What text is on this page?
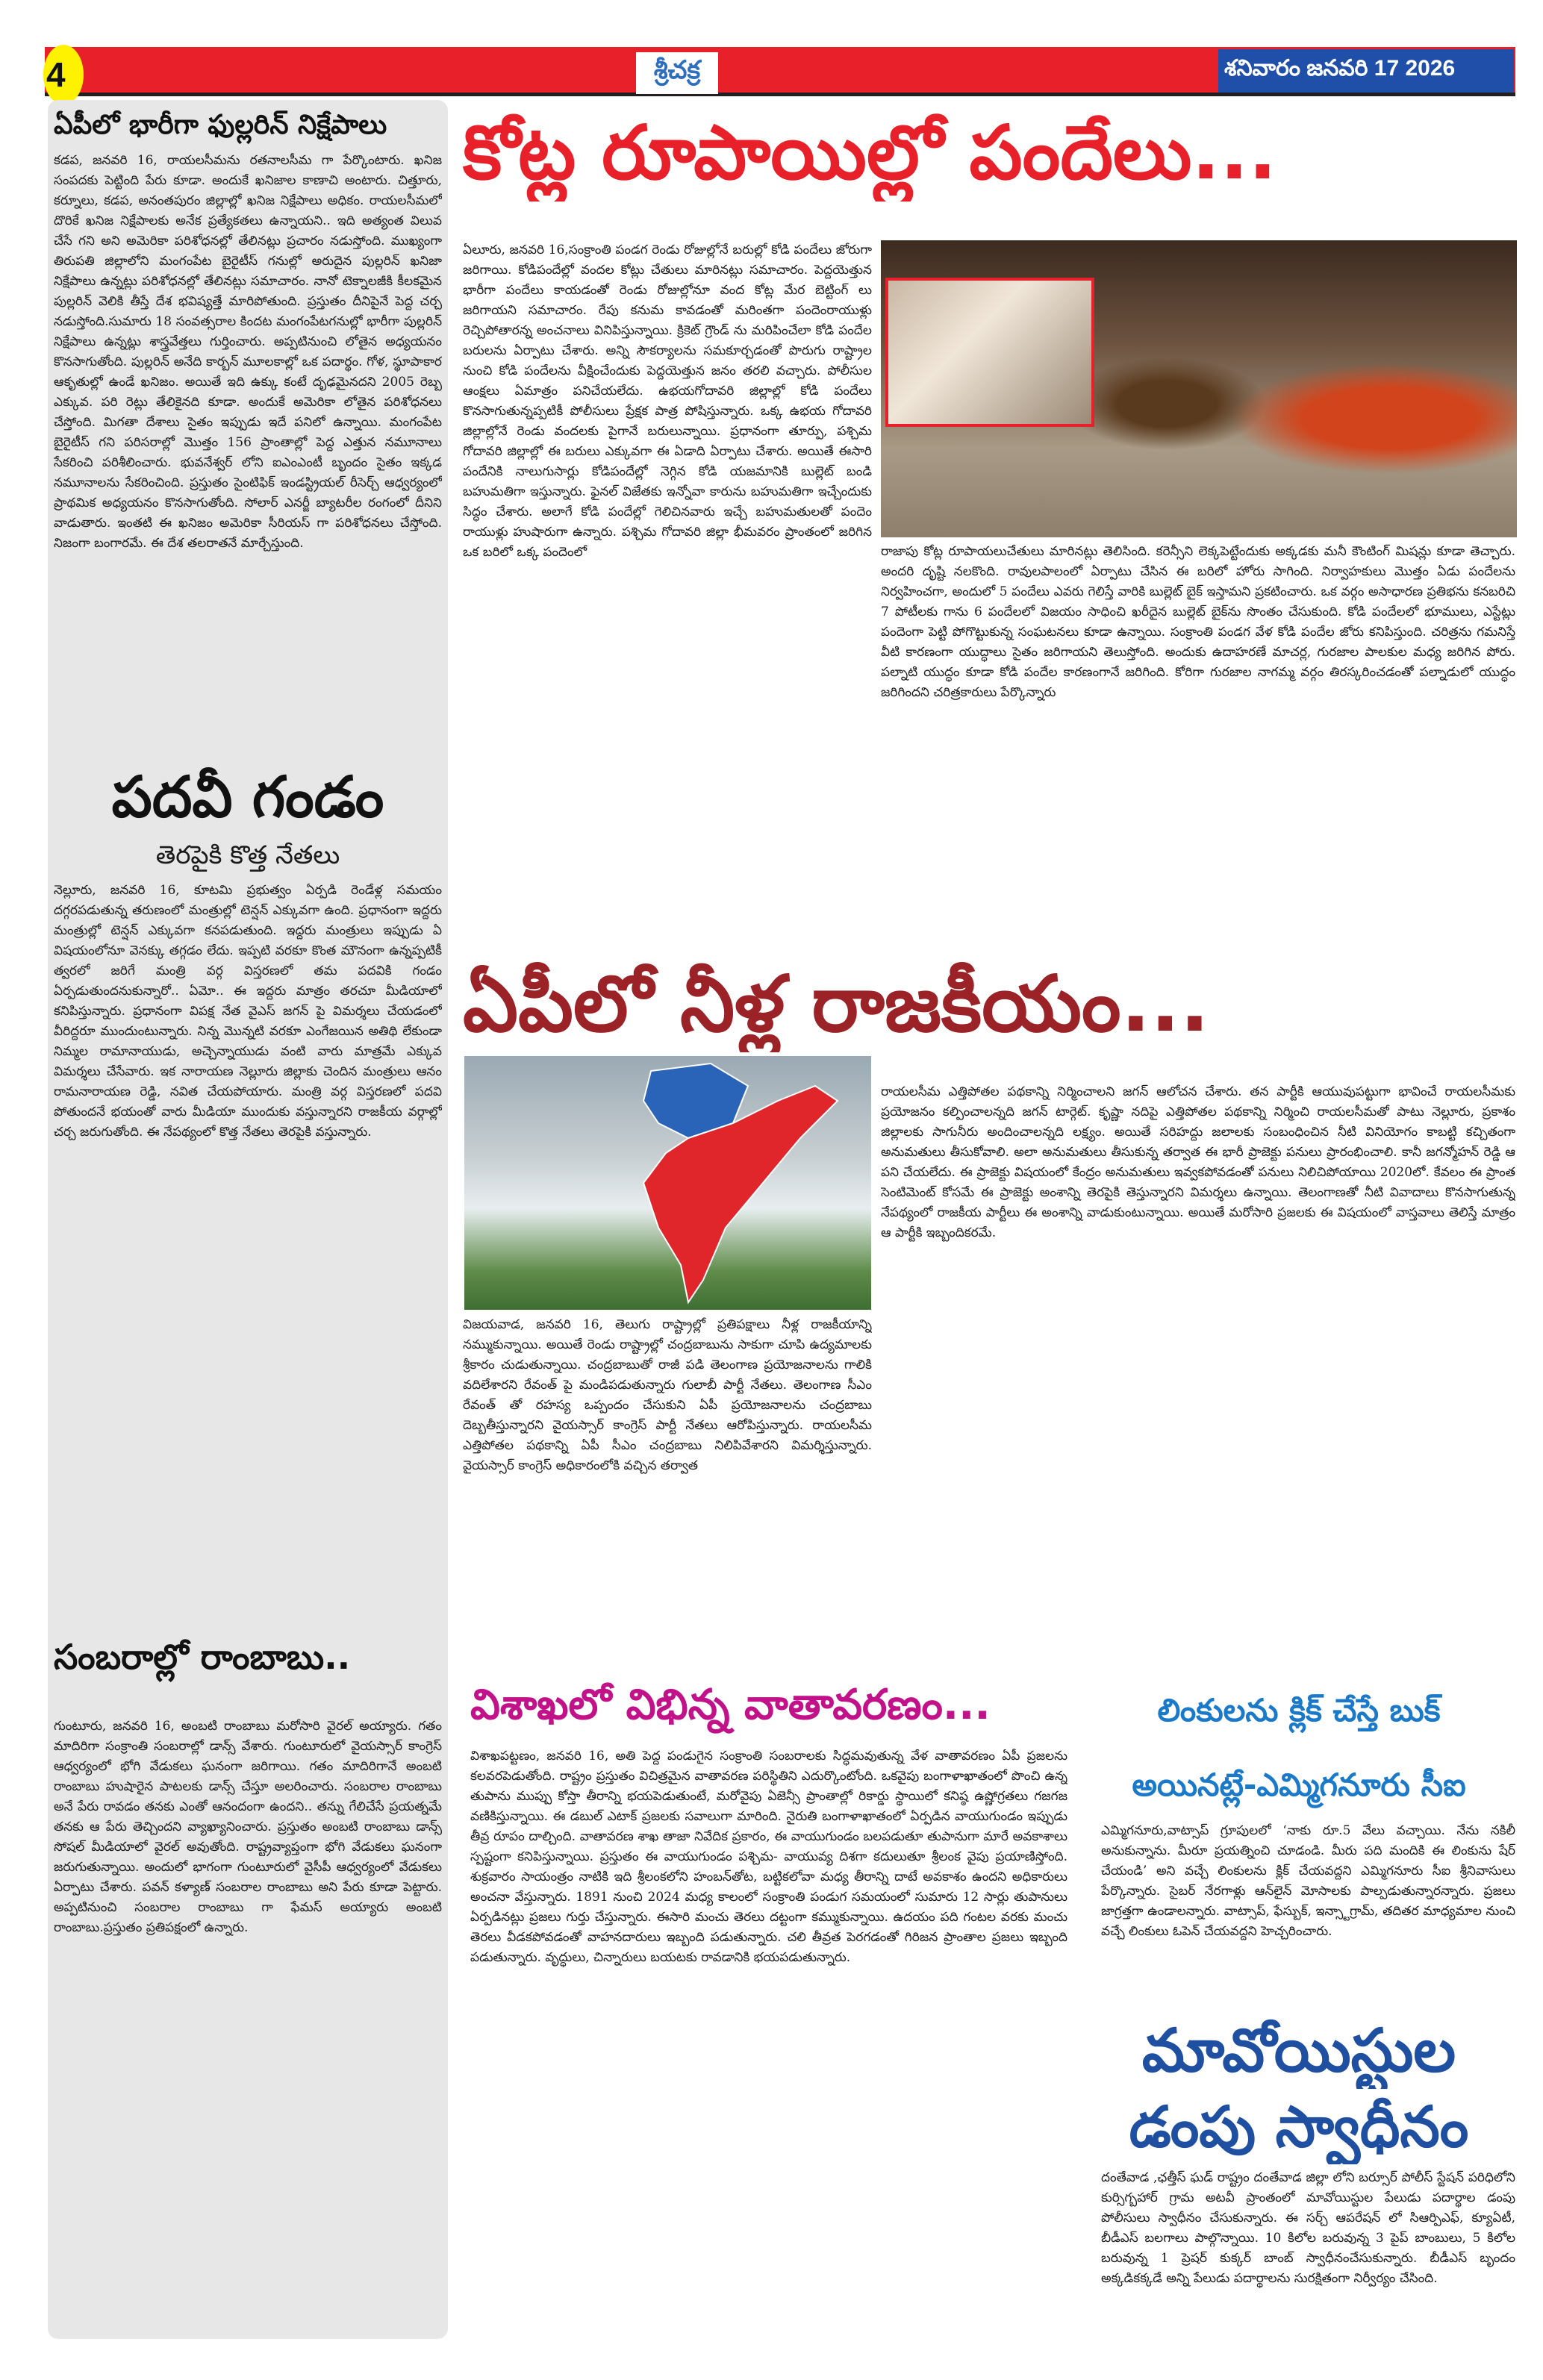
4	శ్రీచక్ర	శనివారం జనవరి 17 2026
ఏపీలో భారీగా ఫుల్లరిన్ నిక్షేపాలు
కడప, జనవరి 16, రాయలసీమను రతనాలసీమ గా పేర్కొంటారు. ఖనిజ సంపదకు పెట్టింది పేరు కూడా. అందుకే ఖనిజాల కాణాచి అంటారు. చిత్తూరు, కర్నూలు, కడప, అనంతపురం జిల్లాల్లో ఖనిజ నిక్షేపాలు అధికం. రాయలసీమలో దొరికే ఖనిజ నిక్షేపాలకు అనేక ప్రత్యేకతలు ఉన్నాయని.. ఇది అత్యంత విలువ చేసే గని అని అమెరికా పరిశోధనల్లో తేలినట్లు ప్రచారం నడుస్తోంది. ముఖ్యంగా తిరుపతి జిల్లాలోని మంగంపేట బైరైటీస్ గనుల్లో అరుదైన పుల్లరిన్ ఖనిజా నిక్షేపాలు ఉన్నట్లు పరిశోధనల్లో తేలినట్లు సమాచారం. నానో టెక్నాలజీకి కీలకమైన పుల్లరిన్ వెలికి తీస్తే దేశ భవిష్యత్తే మారిపోతుంది. ప్రస్తుతం దీనిపైనే పెద్ద చర్చ నడుస్తోంది.సుమారు 18 సంవత్సరాల కిందట మంగంపేటగనుల్లో భారీగా పుల్లరిన్ నిక్షేపాలు ఉన్నట్లు శాస్త్రవేత్తలు గుర్తించారు. అప్పటినుంచి లోతైన అధ్యయనం కొనసాగుతోంది. పుల్లరిన్ అనేది కార్బన్ మూలకాల్లో ఒక పదార్థం. గోళ, స్థూపాకార ఆకృతుల్లో ఉండే ఖనిజం. అయితే ఇది ఉక్కు కంటే దృఢమైనదని 2005 రెబ్బ ఎక్కువ. పరి రెట్లు తేలికైనది కూడా. అందుకే అమెరికా లోతైన పరిశోధనలు చేస్తోంది. మిగతా దేశాలు సైతం ఇప్పుడు ఇదే పనిలో ఉన్నాయి. మంగంపేట బైరైటీస్ గని పరిసరాల్లో మొత్తం 156 ప్రాంతాల్లో పెద్ద ఎత్తున నమూనాలు సేకరించి పరిశీలించారు. భువనేశ్వర్ లోని ఐఎంఎంటీ బృందం సైతం ఇక్కడ నమూనాలను సేకరించింది. ప్రస్తుతం సైంటిఫిక్ ఇండస్ట్రియల్ రీసెర్చ్ ఆధ్వర్యంలో ప్రాథమిక అధ్యయనం కొనసాగుతోంది. సోలార్ ఎనర్జీ బ్యాటరీల రంగంలో దీనిని వాడుతారు. ఇంతటి ఈ ఖనిజం అమెరికా సీరియస్ గా పరిశోధనలు చేస్తోంది. నిజంగా బంగారమే. ఈ దేశ తలరాతనే మార్చేస్తుంది.
పదవీ గండం
తెరపైకి కొత్త నేతలు
నెల్లూరు, జనవరి 16, కూటమి ప్రభుత్వం ఏర్పడి రెండేళ్ల సమయం దగ్గరపడుతున్న తరుణంలో మంత్రుల్లో టెన్షన్ ఎక్కువగా ఉంది. ప్రధానంగా ఇద్దరు మంత్రుల్లో టెన్షన్ ఎక్కువగా కనపడుతుంది. ఇద్దరు మంత్రులు ఇప్పుడు ఏ విషయంలోనూ వెనక్కు తగ్గడం లేదు. ఇప్పటి వరకూ కొంత మౌనంగా ఉన్నప్పటికీ త్వరలో జరిగే మంత్రి వర్గ విస్తరణలో తమ పదవికి గండం ఏర్పడుతుందనుకున్నారో.. ఏమో.. ఈ ఇద్దరు మాత్రం తరచూ మీడియాలో కనిపిస్తున్నారు. ప్రధానంగా విపక్ష నేత వైఎస్ జగన్ పై విమర్శలు చేయడంలో వీరిద్దరూ ముందుంటున్నారు. నిన్న మొన్నటి వరకూ ఎంగేజయిన అతిథి లేకుండా నిమ్మల రామానాయుడు, అచ్చెన్నాయుడు వంటి వారు మాత్రమే ఎక్కువ విమర్శలు చేసేవారు. ఇక నారాయణ నెల్లూరు జిల్లాకు చెందిన మంత్రులు ఆనం రామనారాయణ రెడ్డి, నవిత చేయపోయారు. మంత్రి వర్గ విస్తరణలో పదవి పోతుందనే భయంతో వారు మీడియా ముందుకు వస్తున్నారని రాజకీయ వర్గాల్లో చర్చ జరుగుతోంది. ఈ నేపథ్యంలో కొత్త నేతలు తెరపైకి వస్తున్నారు.
సంబరాల్లో రాంబాబు..
గుంటూరు, జనవరి 16, అంబటి రాంబాబు మరోసారి వైరల్ అయ్యారు. గతం మాదిరిగా సంక్రాంతి సంబరాల్లో డాన్స్ వేశారు. గుంటూరులో వైయస్సార్ కాంగ్రెస్ ఆధ్వర్యంలో భోగి వేడుకలు ఘనంగా జరిగాయి. గతం మాదిరిగానే అంబటి రాంబాబు హుషారైన పాటలకు డాన్స్ చేస్తూ అలరించారు. సంబరాల రాంబాబు అనే పేరు రావడం తనకు ఎంతో ఆనందంగా ఉందని.. తన్ను గేలిచేసే ప్రయత్నమే తనకు ఆ పేరు తెచ్చిందని వ్యాఖ్యానించారు. ప్రస్తుతం అంబటి రాంబాబు డాన్స్ సోషల్ మీడియాలో వైరల్ అవుతోంది. రాష్ట్రవ్యాప్తంగా భోగి వేడుకలు ఘనంగా జరుగుతున్నాయి. అందులో భాగంగా గుంటూరులో వైసీపీ ఆధ్వర్యంలో వేడుకలు ఏర్పాటు చేశారు. పవన్ కళ్యాణ్ సంబరాల రాంబాబు అని పేరు కూడా పెట్టారు. అప్పటినుంచి సంబరాల రాంబాబు గా ఫేమస్ అయ్యారు అంబటి రాంబాబు.ప్రస్తుతం ప్రతిపక్షంలో ఉన్నారు.
కోట్ల రూపాయిల్లో పందేలు...
ఏలూరు, జనవరి 16,సంక్రాంతి పండగ రెండు రోజుల్లోనే బరుల్లో కోడి పందేలు జోరుగా జరిగాయి. కోడిపందేల్లో వందల కోట్లు చేతులు మారినట్లు సమాచారం. పెద్దయెత్తున భారీగా పందేలు కాయడంతో రెండు రోజుల్లోనూ వంద కోట్ల మేర బెట్టింగ్ లు జరిగాయని సమాచారం. రేపు కనుమ కావడంతో మరింతగా పందెంరాయుళ్లు రెచ్చిపోతారన్న అంచనాలు వినిపిస్తున్నాయి. క్రికెట్ గ్రౌండ్ ను మరిపించేలా కోడి పందేల బరులను ఏర్పాటు చేశారు. అన్ని సౌకర్యాలను సమకూర్చడంతో పొరుగు రాష్ట్రాల నుంచి కోడి పందేలను వీక్షించేందుకు పెద్దయెత్తున జనం తరలి వచ్చారు. పోలీసుల ఆంక్షలు ఏమాత్రం పనిచేయలేదు. ఉభయగోదావరి జిల్లాల్లో కోడి పందేలు కొనసాగుతున్నప్పటికీ పోలీసులు ప్రేక్షక పాత్ర పోషిస్తున్నారు. ఒక్క ఉభయ గోదావరి జిల్లాల్లోనే రెండు వందలకు పైగానే బరులున్నాయి. ప్రధానంగా తూర్పు, పశ్చిమ గోదావరి జిల్లాల్లో ఈ బరులు ఎక్కువగా ఈ ఏడాది ఏర్పాటు చేశారు. అయితే ఈసారి పందేనికి నాలుగుసార్లు కోడిపందేల్లో నెగ్గిన కోడి యజమానికి బుల్లెట్ బండి బహుమతిగా ఇస్తున్నారు. ఫైనల్ విజేతకు ఇన్నోవా కారును బహుమతిగా ఇచ్చేందుకు సిద్ధం చేశారు. అలాగే కోడి పందేల్లో గెలిచినవారు ఇచ్చే బహుమతులతో పందెం రాయుళ్లు హుషారుగా ఉన్నారు. పశ్చిమ గోదావరి జిల్లా భీమవరం ప్రాంతంలో జరిగిన ఒక బరిలో ఒక్క పందెంలో	రాజాపు కోట్ల రూపాయలుచేతులు మారినట్లు తెలిసింది. కరెన్సీని లెక్కపెట్టేందుకు అక్కడకు మనీ కౌంటింగ్ మిషన్లు కూడా తెచ్చారు. అందరి దృష్టి నలకొంది. రావులపాలంలో ఏర్పాటు చేసిన ఈ బరిలో హోరు సాగింది. నిర్వాహకులు మొత్తం ఏడు పందేలను నిర్వహించగా, అందులో 5 పందేలు ఎవరు గెలిస్తే వారికి బుల్లెట్ బైక్ ఇస్తామని ప్రకటించారు. ఒక వర్గం అసాధారణ ప్రతిభను కనబరిచి 7 పోటీలకు గాను 6 పందేలలో విజయం సాధించి ఖరీదైన బుల్లెట్ బైక్‌ను సొంతం చేసుకుంది. కోడి పందేలలో భూములు, ఎస్టేట్లు పందెంగా పెట్టి పోగొట్టుకున్న సంఘటనలు కూడా ఉన్నాయి. సంక్రాంతి పండగ వేళ కోడి పందేల జోరు కనిపిస్తుంది. చరిత్రను గమనిస్తే వీటి కారణంగా యుద్ధాలు సైతం జరిగాయని తెలుస్తోంది. అందుకు ఉదాహరణే మాచర్ల, గురజాల పాలకుల మధ్య జరిగిన పోరు. పల్నాటి యుద్ధం కూడా కోడి పందేల కారణంగానే జరిగింది. కోరిగా గురజాల నాగమ్మ వర్గం తిరస్కరించడంతో పల్నాడులో యుద్ధం జరిగిందని చరిత్రకారులు పేర్కొన్నారు
ఏపీలో నీళ్ల రాజకీయం...
విజయవాడ, జనవరి 16, తెలుగు రాష్ట్రాల్లో ప్రతిపక్షాలు నీళ్ల రాజకీయాన్ని నమ్ముకున్నాయి. అయితే రెండు రాష్ట్రాల్లో చంద్రబాబును సాకుగా చూపి ఉద్యమాలకు శ్రీకారం చుడుతున్నాయి. చంద్రబాబుతో రాజీ పడి తెలంగాణ ప్రయోజనాలను గాలికి వదిలేశారని రేవంత్ పై మండిపడుతున్నారు గులాబీ పార్టీ నేతలు. తెలంగాణ సీఎం రేవంత్ తో రహస్య ఒప్పందం చేసుకుని ఏపీ ప్రయోజనాలను చంద్రబాబు దెబ్బతీస్తున్నారని వైయస్సార్ కాంగ్రెస్ పార్టీ నేతలు ఆరోపిస్తున్నారు. రాయలసీమ ఎత్తిపోతల పథకాన్ని ఏపీ సీఎం చంద్రబాబు నిలిపివేశారని విమర్శిస్తున్నారు. వైయస్సార్ కాంగ్రెస్ అధికారంలోకి వచ్చిన తర్వాత
రాయలసీమ ఎత్తిపోతల పథకాన్ని నిర్మించాలని జగన్ ఆలోచన చేశారు. తన పార్టీకి ఆయువుపట్టుగా భావించే రాయలసీమకు ప్రయోజనం కల్పించాలన్నది జగన్ టార్గెట్. కృష్ణా నదిపై ఎత్తిపోతల పథకాన్ని నిర్మించి రాయలసీమతో పాటు నెల్లూరు, ప్రకాశం జిల్లాలకు సాగునీరు అందించాలన్నది లక్ష్యం. అయితే సరిహద్దు జలాలకు సంబంధించిన నీటి వినియోగం కాబట్టి కచ్చితంగా అనుమతులు తీసుకోవాలి. అలా అనుమతులు తీసుకున్న తర్వాత ఈ భారీ ప్రాజెక్టు పనులు ప్రారంభించాలి. కానీ జగన్మోహన్ రెడ్డి ఆ పని చేయలేదు. ఈ ప్రాజెక్టు విషయంలో కేంద్రం అనుమతులు ఇవ్వకపోవడంతో పనులు నిలిచిపోయాయి 2020లో. కేవలం ఈ ప్రాంత సెంటిమెంట్ కోసమే ఈ ప్రాజెక్టు అంశాన్ని తెరపైకి తెస్తున్నారని విమర్శలు ఉన్నాయి. తెలంగాణతో నీటి వివాదాలు కొనసాగుతున్న నేపథ్యంలో రాజకీయ పార్టీలు ఈ అంశాన్ని వాడుకుంటున్నాయి. అయితే మరోసారి ప్రజలకు ఈ విషయంలో వాస్తవాలు తెలిస్తే మాత్రం ఆ పార్టీకి ఇబ్బందికరమే.
విశాఖలో విభిన్న వాతావరణం...
విశాఖపట్టణం, జనవరి 16, అతి పెద్ద పండుగైన సంక్రాంతి సంబరాలకు సిద్ధమవుతున్న వేళ వాతావరణం ఏపీ ప్రజలను కలవరపెడుతోంది. రాష్ట్రం ప్రస్తుతం విచిత్రమైన వాతావరణ పరిస్థితిని ఎదుర్కొంటోంది. ఒకవైపు బంగాళాఖాతంలో పొంచి ఉన్న తుపాను ముప్పు కోస్తా తీరాన్ని భయపెడుతుంటే, మరోవైపు ఏజెన్సీ ప్రాంతాల్లో రికార్డు స్థాయిలో కనిష్ఠ ఉష్ణోగ్రతలు గజగజ వణికిస్తున్నాయి. ఈ డబుల్ ఎటాక్ ప్రజలకు సవాలుగా మారింది. నైరుతి బంగాళాఖాతంలో ఏర్పడిన వాయుగుండం ఇప్పుడు తీవ్ర రూపం దాల్చింది. వాతావరణ శాఖ తాజా నివేదిక ప్రకారం, ఈ వాయుగుండం బలపడుతూ తుపానుగా మారే అవకాశాలు స్పష్టంగా కనిపిస్తున్నాయి. ప్రస్తుతం ఈ వాయుగుండం పశ్చిమ- వాయువ్య దిశగా కదులుతూ శ్రీలంక వైపు ప్రయాణిస్తోంది. శుక్రవారం సాయంత్రం నాటికి ఇది శ్రీలంకలోని హంబన్‌తోట, బట్టికలోవా మధ్య తీరాన్ని దాటే అవకాశం ఉందని అధికారులు అంచనా వేస్తున్నారు. 1891 నుంచి 2024 మధ్య కాలంలో సంక్రాంతి పండుగ సమయంలో సుమారు 12 సార్లు తుపానులు ఏర్పడినట్లు ప్రజలు గుర్తు చేస్తున్నారు. ఈసారి మంచు తెరలు దట్టంగా కమ్ముకున్నాయి. ఉదయం పది గంటల వరకు మంచు తెరలు వీడకపోవడంతో వాహనదారులు ఇబ్బంది పడుతున్నారు. చలి తీవ్రత పెరగడంతో గిరిజన ప్రాంతాల ప్రజలు ఇబ్బంది పడుతున్నారు. వృద్ధులు, చిన్నారులు బయటకు రావడానికి భయపడుతున్నారు.
లింకులను క్లిక్ చేస్తే బుక్
అయినట్లే-ఎమ్మిగనూరు సీఐ
ఎమ్మిగనూరు,వాట్సాప్ గ్రూపులలో ‘నాకు రూ.5 వేలు వచ్చాయి. నేను నకిలీ అనుకున్నాను. మీరూ ప్రయత్నించి చూడండి. మీరు పది మందికి ఈ లింకును షేర్ చేయండి’ అని వచ్చే లింకులను క్లిక్ చేయవద్దని ఎమ్మిగనూరు సీఐ శ్రీనివాసులు పేర్కొన్నారు. సైబర్ నేరగాళ్లు ఆన్‌లైన్ మోసాలకు పాల్పడుతున్నారన్నారు. ప్రజలు జాగ్రత్తగా ఉండాలన్నారు. వాట్సాప్, ఫేస్బుక్, ఇన్స్టాగ్రామ్, తదితర మాధ్యమాల నుంచి వచ్చే లింకులు ఓపెన్ చేయవద్దని హెచ్చరించారు.
మావోయిస్టుల
డంపు స్వాధీనం
దంతేవాడ ,ఛత్తీస్ ఘడ్ రాష్ట్రం దంతేవాడ జిల్లా లోని బర్సూర్ పోలీస్ స్టేషన్ పరిధిలోని కుర్సిగ్బహార్ గ్రామ అటవీ ప్రాంతంలో మావోయిస్టుల పేలుడు పదార్థాల డంపు పోలీసులు స్వాధీనం చేసుకున్నారు. ఈ సర్చ్ ఆపరేషన్ లో సిఆర్పిఎఫ్, క్యూఏటీ, బీడీఎస్ బలగాలు పాల్గొన్నాయి. 10 కిలోల బరువున్న 3 పైప్ బాంబులు, 5 కిలోల బరువున్న 1 ప్రెషర్ కుక్కర్ బాంబ్ స్వాధీనంచేసుకున్నారు. బీడీఎస్ బృందం అక్కడికక్కడే అన్ని పేలుడు పదార్థాలను సురక్షితంగా నిర్వీర్యం చేసింది.
